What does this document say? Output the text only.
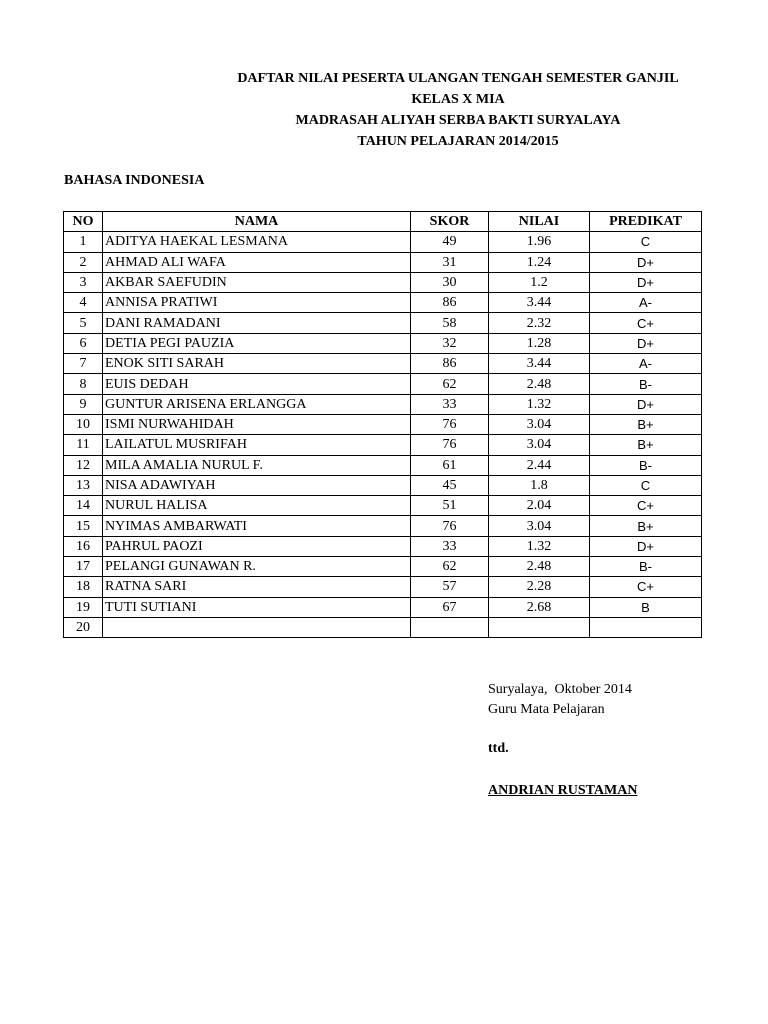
DAFTAR NILAI PESERTA ULANGAN TENGAH SEMESTER GANJIL
KELAS X MIA
MADRASAH ALIYAH SERBA BAKTI SURYALAYA
TAHUN PELAJARAN 2014/2015
BAHASA INDONESIA
NO	NAMA	SKOR	NILAI	PREDIKAT
1	ADITYA HAEKAL LESMANA	49	1.96	C
2	AHMAD ALI WAFA	31	1.24	D+
3	AKBAR SAEFUDIN	30	1.2	D+
4	ANNISA PRATIWI	86	3.44	A-
5	DANI RAMADANI	58	2.32	C+
6	DETIA PEGI PAUZIA	32	1.28	D+
7	ENOK SITI SARAH	86	3.44	A-
8	EUIS DEDAH	62	2.48	B-
9	GUNTUR ARISENA ERLANGGA	33	1.32	D+
10	ISMI NURWAHIDAH	76	3.04	B+
11	LAILATUL MUSRIFAH	76	3.04	B+
12	MILA AMALIA NURUL F.	61	2.44	B-
13	NISA ADAWIYAH	45	1.8	C
14	NURUL HALISA	51	2.04	C+
15	NYIMAS AMBARWATI	76	3.04	B+
16	PAHRUL PAOZI	33	1.32	D+
17	PELANGI GUNAWAN R.	62	2.48	B-
18	RATNA SARI	57	2.28	C+
19	TUTI SUTIANI	67	2.68	B
20				
Suryalaya,  Oktober 2014
Guru Mata Pelajaran
ttd.
ANDRIAN RUSTAMAN
